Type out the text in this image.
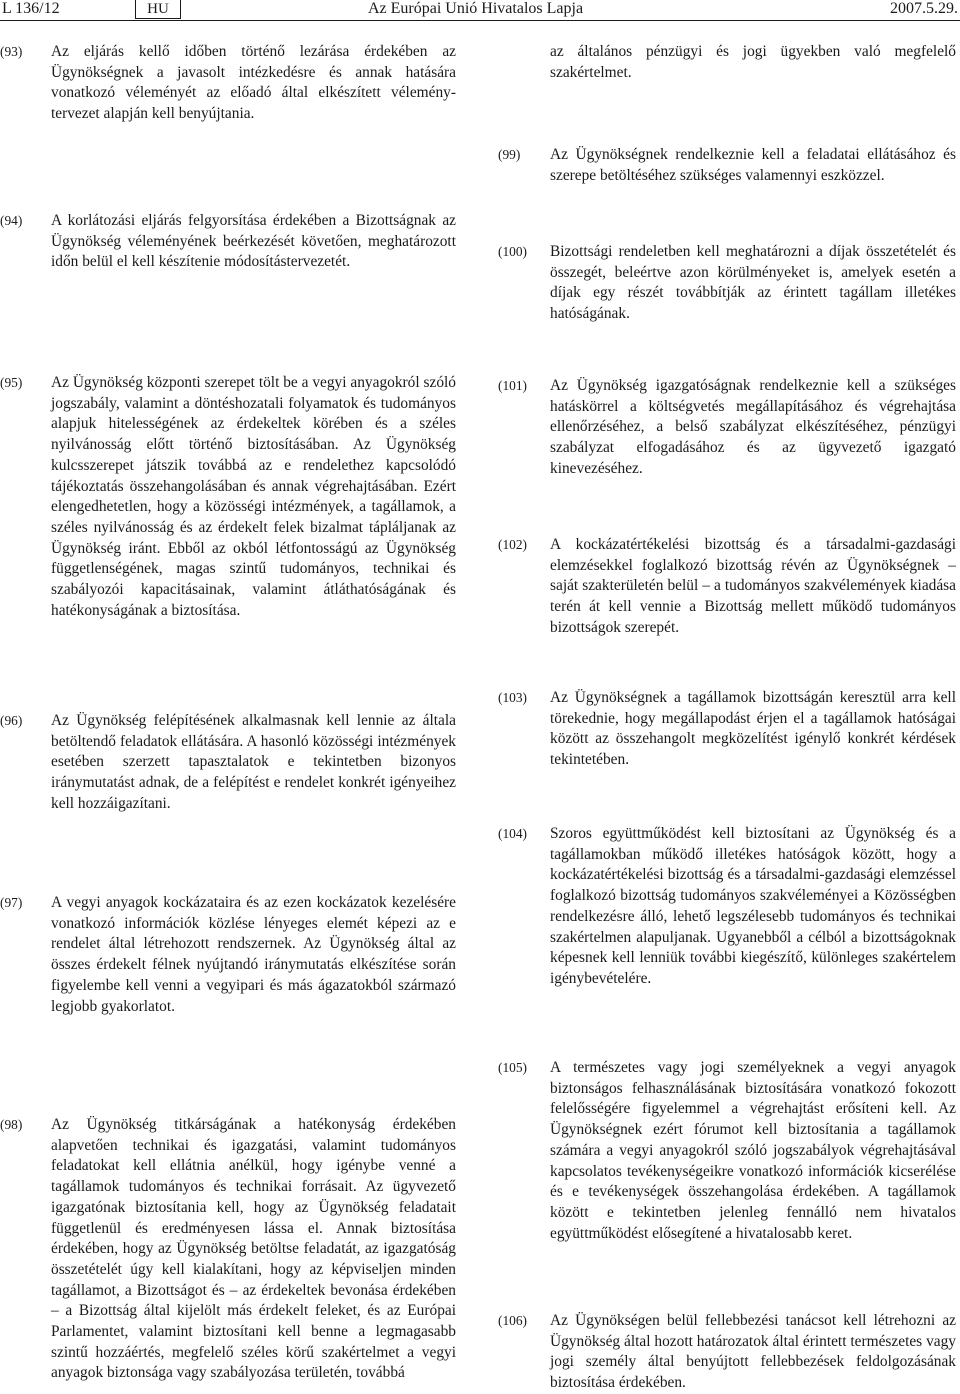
L 136/12	HU	Az Európai Unió Hivatalos Lapja	2007.5.29.
(93) Az eljárás kellő időben történő lezárása érdekében az Ügynökségnek a javasolt intézkedésre és annak hatására vonatkozó véleményét az előadó által elkészített véleménytervezet alapján kell benyújtania.
(94) A korlátozási eljárás felgyorsítása érdekében a Bizottságnak az Ügynökség véleményének beérkezését követően, meghatározott időn belül el kell készítenie módosítástervezetét.
(95) Az Ügynökség központi szerepet tölt be a vegyi anyagokról szóló jogszabály, valamint a döntéshozatali folyamatok és tudományos alapjuk hitelességének az érdekeltek körében és a széles nyilvánosság előtt történő biztosításában. Az Ügynökség kulcsszerepet játszik továbbá az e rendelethez kapcsolódó tájékoztatás összehangolásában és annak végrehajtásában. Ezért elengedhetetlen, hogy a közösségi intézmények, a tagállamok, a széles nyilvánosság és az érdekelt felek bizalmat tápláljanak az Ügynökség iránt. Ebből az okból létfontosságú az Ügynökség függetlenségének, magas szintű tudományos, technikai és szabályozói kapacitásainak, valamint átláthatóságának és hatékonyságának a biztosítása.
(96) Az Ügynökség felépítésének alkalmasnak kell lennie az általa betöltendő feladatok ellátására. A hasonló közösségi intézmények esetében szerzett tapasztalatok e tekintetben bizonyos iránymutatást adnak, de a felépítést e rendelet konkrét igényeihez kell hozzáigazítani.
(97) A vegyi anyagok kockázataira és az ezen kockázatok kezelésére vonatkozó információk közlése lényeges elemét képezi az e rendelet által létrehozott rendszernek. Az Ügynökség által az összes érdekelt félnek nyújtandó iránymutatás elkészítése során figyelembe kell venni a vegyipari és más ágazatokból származó legjobb gyakorlatot.
(98) Az Ügynökség titkárságának a hatékonyság érdekében alapvetően technikai és igazgatási, valamint tudományos feladatokat kell ellátnia anélkül, hogy igénybe venné a tagállamok tudományos és technikai forrásait. Az ügyvezető igazgatónak biztosítania kell, hogy az Ügynökség feladatait függetlenül és eredményesen lássa el. Annak biztosítása érdekében, hogy az Ügynökség betöltse feladatát, az igazgatóság összetételét úgy kell kialakítani, hogy az képviseljen minden tagállamot, a Bizottságot és – az érdekeltek bevonása érdekében – a Bizottság által kijelölt más érdekelt feleket, és az Európai Parlamentet, valamint biztosítani kell benne a legmagasabb szintű hozzáértés, megfelelő széles körű szakértelmet a vegyi anyagok biztonsága vagy szabályozása területén, továbbá
az általános pénzügyi és jogi ügyekben való megfelelő szakértelmet.
(99) Az Ügynökségnek rendelkeznie kell a feladatai ellátásához és szerepe betöltéséhez szükséges valamennyi eszközzel.
(100) Bizottsági rendeletben kell meghatározni a díjak összetételét és összegét, beleértve azon körülményeket is, amelyek esetén a díjak egy részét továbbítják az érintett tagállam illetékes hatóságának.
(101) Az Ügynökség igazgatóságnak rendelkeznie kell a szükséges hatáskörrel a költségvetés megállapításához és végrehajtása ellenőrzéséhez, a belső szabályzat elkészítéséhez, pénzügyi szabályzat elfogadásához és az ügyvezető igazgató kinevezéséhez.
(102) A kockázatértékelési bizottság és a társadalmi-gazdasági elemzésekkel foglalkozó bizottság révén az Ügynökségnek – saját szakterületén belül – a tudományos szakvélemények kiadása terén át kell vennie a Bizottság mellett működő tudományos bizottságok szerepét.
(103) Az Ügynökségnek a tagállamok bizottságán keresztül arra kell törekednie, hogy megállapodást érjen el a tagállamok hatóságai között az összehangolt megközelítést igénylő konkrét kérdések tekintetében.
(104) Szoros együttműködést kell biztosítani az Ügynökség és a tagállamokban működő illetékes hatóságok között, hogy a kockázatértékelési bizottság és a társadalmi-gazdasági elemzéssel foglalkozó bizottság tudományos szakvéleményei a Közösségben rendelkezésre álló, lehető legszélesebb tudományos és technikai szakértelmen alapuljanak. Ugyanebből a célból a bizottságoknak képesnek kell lenniük további kiegészítő, különleges szakértelem igénybevételére.
(105) A természetes vagy jogi személyeknek a vegyi anyagok biztonságos felhasználásának biztosítására vonatkozó fokozott felelősségére figyelemmel a végrehajtást erősíteni kell. Az Ügynökségnek ezért fórumot kell biztosítania a tagállamok számára a vegyi anyagokról szóló jogszabályok végrehajtásával kapcsolatos tevékenységeikre vonatkozó információk kicserélése és e tevékenységek összehangolása érdekében. A tagállamok között e tekintetben jelenleg fennálló nem hivatalos együttműködést elősegítené a hivatalosabb keret.
(106) Az Ügynökségen belül fellebbezési tanácsot kell létrehozni az Ügynökség által hozott határozatok által érintett természetes vagy jogi személy által benyújtott fellebbezések feldolgozásának biztosítása érdekében.
